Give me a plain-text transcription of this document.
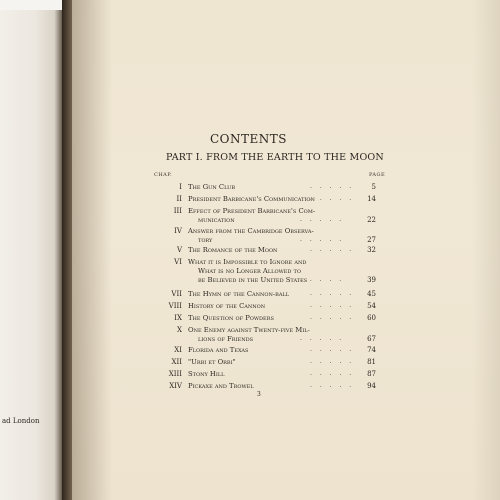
ad London
CONTENTS
PART I. FROM THE EARTH TO THE MOON
CHAP.	PAGE
I The Gun Club	. . . . .	5
II President Barbicane's Communication
. . . . .	14
III Effect of President Barbicane's Com-
munication	. . . . .	22
IV Answer from the Cambridge Observa-
tory	. . . . .	27
V The Romance of the Moon	. . . . .	32
VI What it is Impossible to Ignore and
What is no Longer Allowed to
be Believed in the United States
. . . . .	39
VII The Hymn of the Cannon-ball	. . . . .	45
VIII History of the Cannon	. . . . .	54
IX The Question of Powders	. . . . .	60
X One Enemy against Twenty-five Mil-
lions of Friends	. . . . .	67
XI Florida and Texas	. . . . .	74
XII "Urbi et Orbi"	. . . . .	81
XIII Stony Hill	. . . . .	87
XIV Pickaxe and Trowel	. . . . .	94
3
